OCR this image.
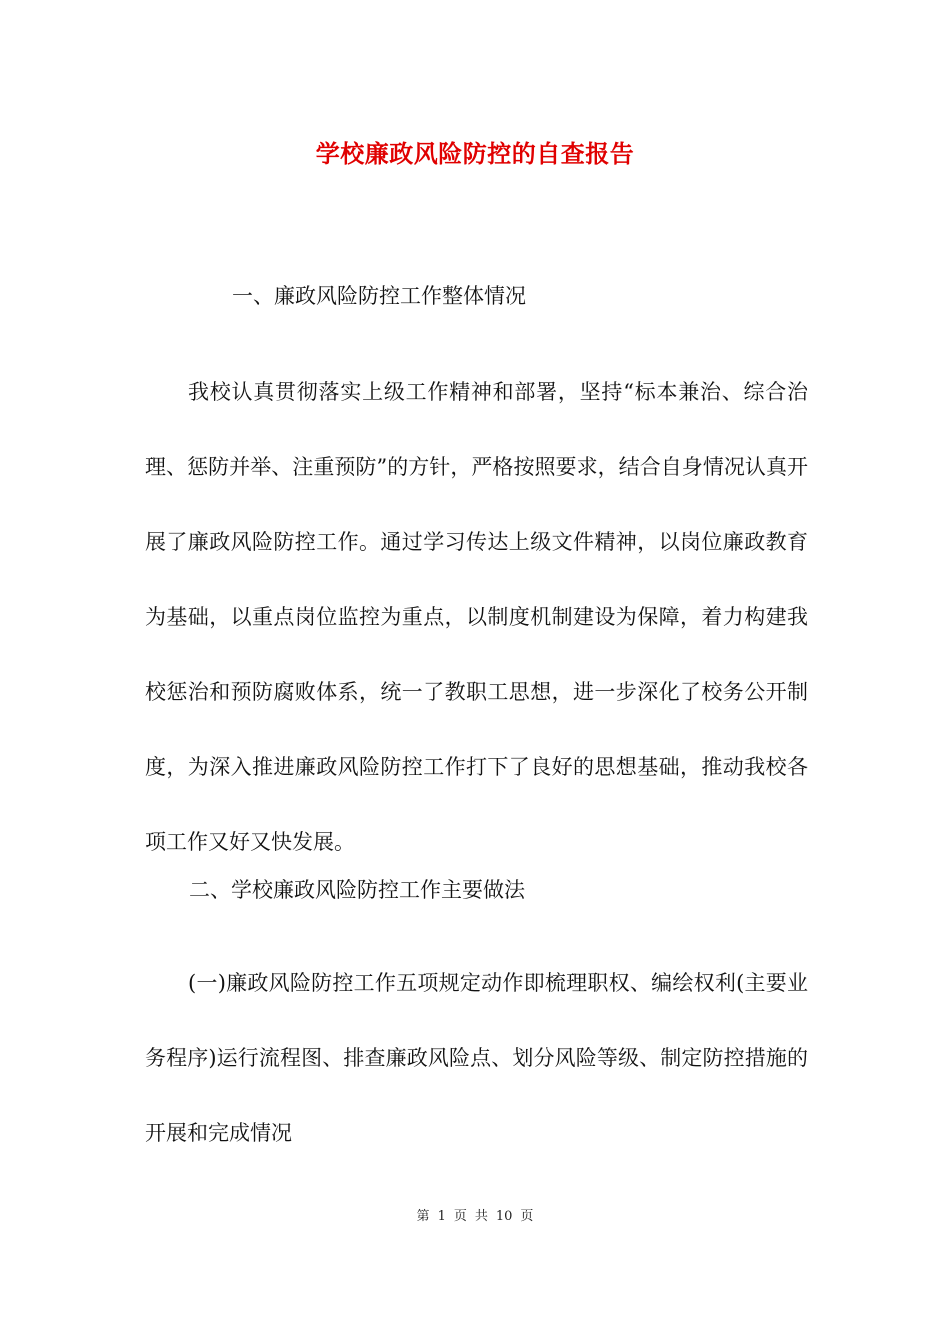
学校廉政风险防控的自查报告
一、廉政风险防控工作整体情况

我校认真贯彻落实上级工作精神和部署，坚持“标本兼治、综合治理、惩防并举、注重预防”的方针，严格按照要求，结合自身情况认真开展了廉政风险防控工作。通过学习传达上级文件精神，以岗位廉政教育为基础，以重点岗位监控为重点，以制度机制建设为保障，着力构建我校惩治和预防腐败体系，统一了教职工思想，进一步深化了校务公开制度，为深入推进廉政风险防控工作打下了良好的思想基础，推动我校各项工作又好又快发展。

二、学校廉政风险防控工作主要做法

(一)廉政风险防控工作五项规定动作即梳理职权、编绘权利(主要业务程序)运行流程图、排查廉政风险点、划分风险等级、制定防控措施的开展和完成情况

第 1 页 共 10 页
